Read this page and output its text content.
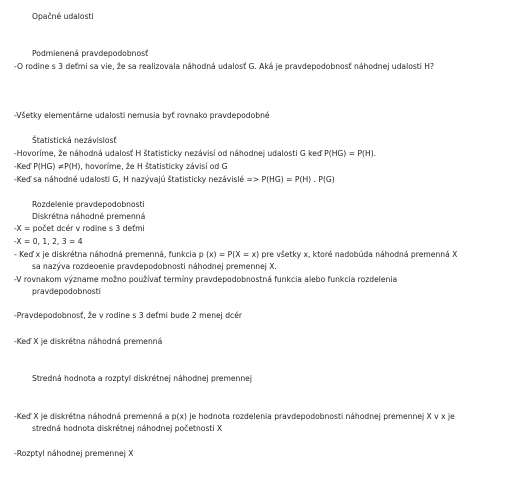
Opačné udalosti
Podmienená pravdepodobnosť
-O rodine s 3 deťmi sa vie, že sa realizovala náhodná udalosť G. Aká je pravdepodobnosť náhodnej udalosti H?
-Všetky elementárne udalosti nemusia byť rovnako pravdepodobné
Štatistická nezávislosť
-Hovoríme, že náhodná udalosť H štatisticky nezávisí od náhodnej udalosti G keď P(HG) = P(H).
-Keď P(HG) ≠P(H), hovoríme, že H štatisticky závisí od G
-Keď sa náhodné udalosti G, H nazývajú štatisticky nezávislé => P(HG) = P(H) . P(G)
Rozdelenie pravdepodobnosti
Diskrétna náhodné premenná
-X = počet dcér v rodine s 3 deťmi
-X = 0, 1, 2, 3 = 4
- Keď x je diskrétna náhodná premenná, funkcia p (x) = P(X = x) pre všetky x, ktoré nadobúda náhodná premenná X
sa nazýva rozdeoenie pravdepodobnosti náhodnej premennej X.
-V rovnakom význame možno používať termíny pravdepodobnostná funkcia alebo funkcia rozdelenia
pravdepodobnosti
-Pravdepodobnosť, že v rodine s 3 deťmi bude 2 menej dcér
-Keď X je diskrétna náhodná premenná
Stredná hodnota a rozptyl diskrétnej náhodnej premennej
-Keď X je diskrétna náhodná premenná a p(x) je hodnota rozdelenia pravdepodobnosti náhodnej premennej X v x je
stredná hodnota diskrétnej náhodnej početnosti X
-Rozptyl náhodnej premennej X
